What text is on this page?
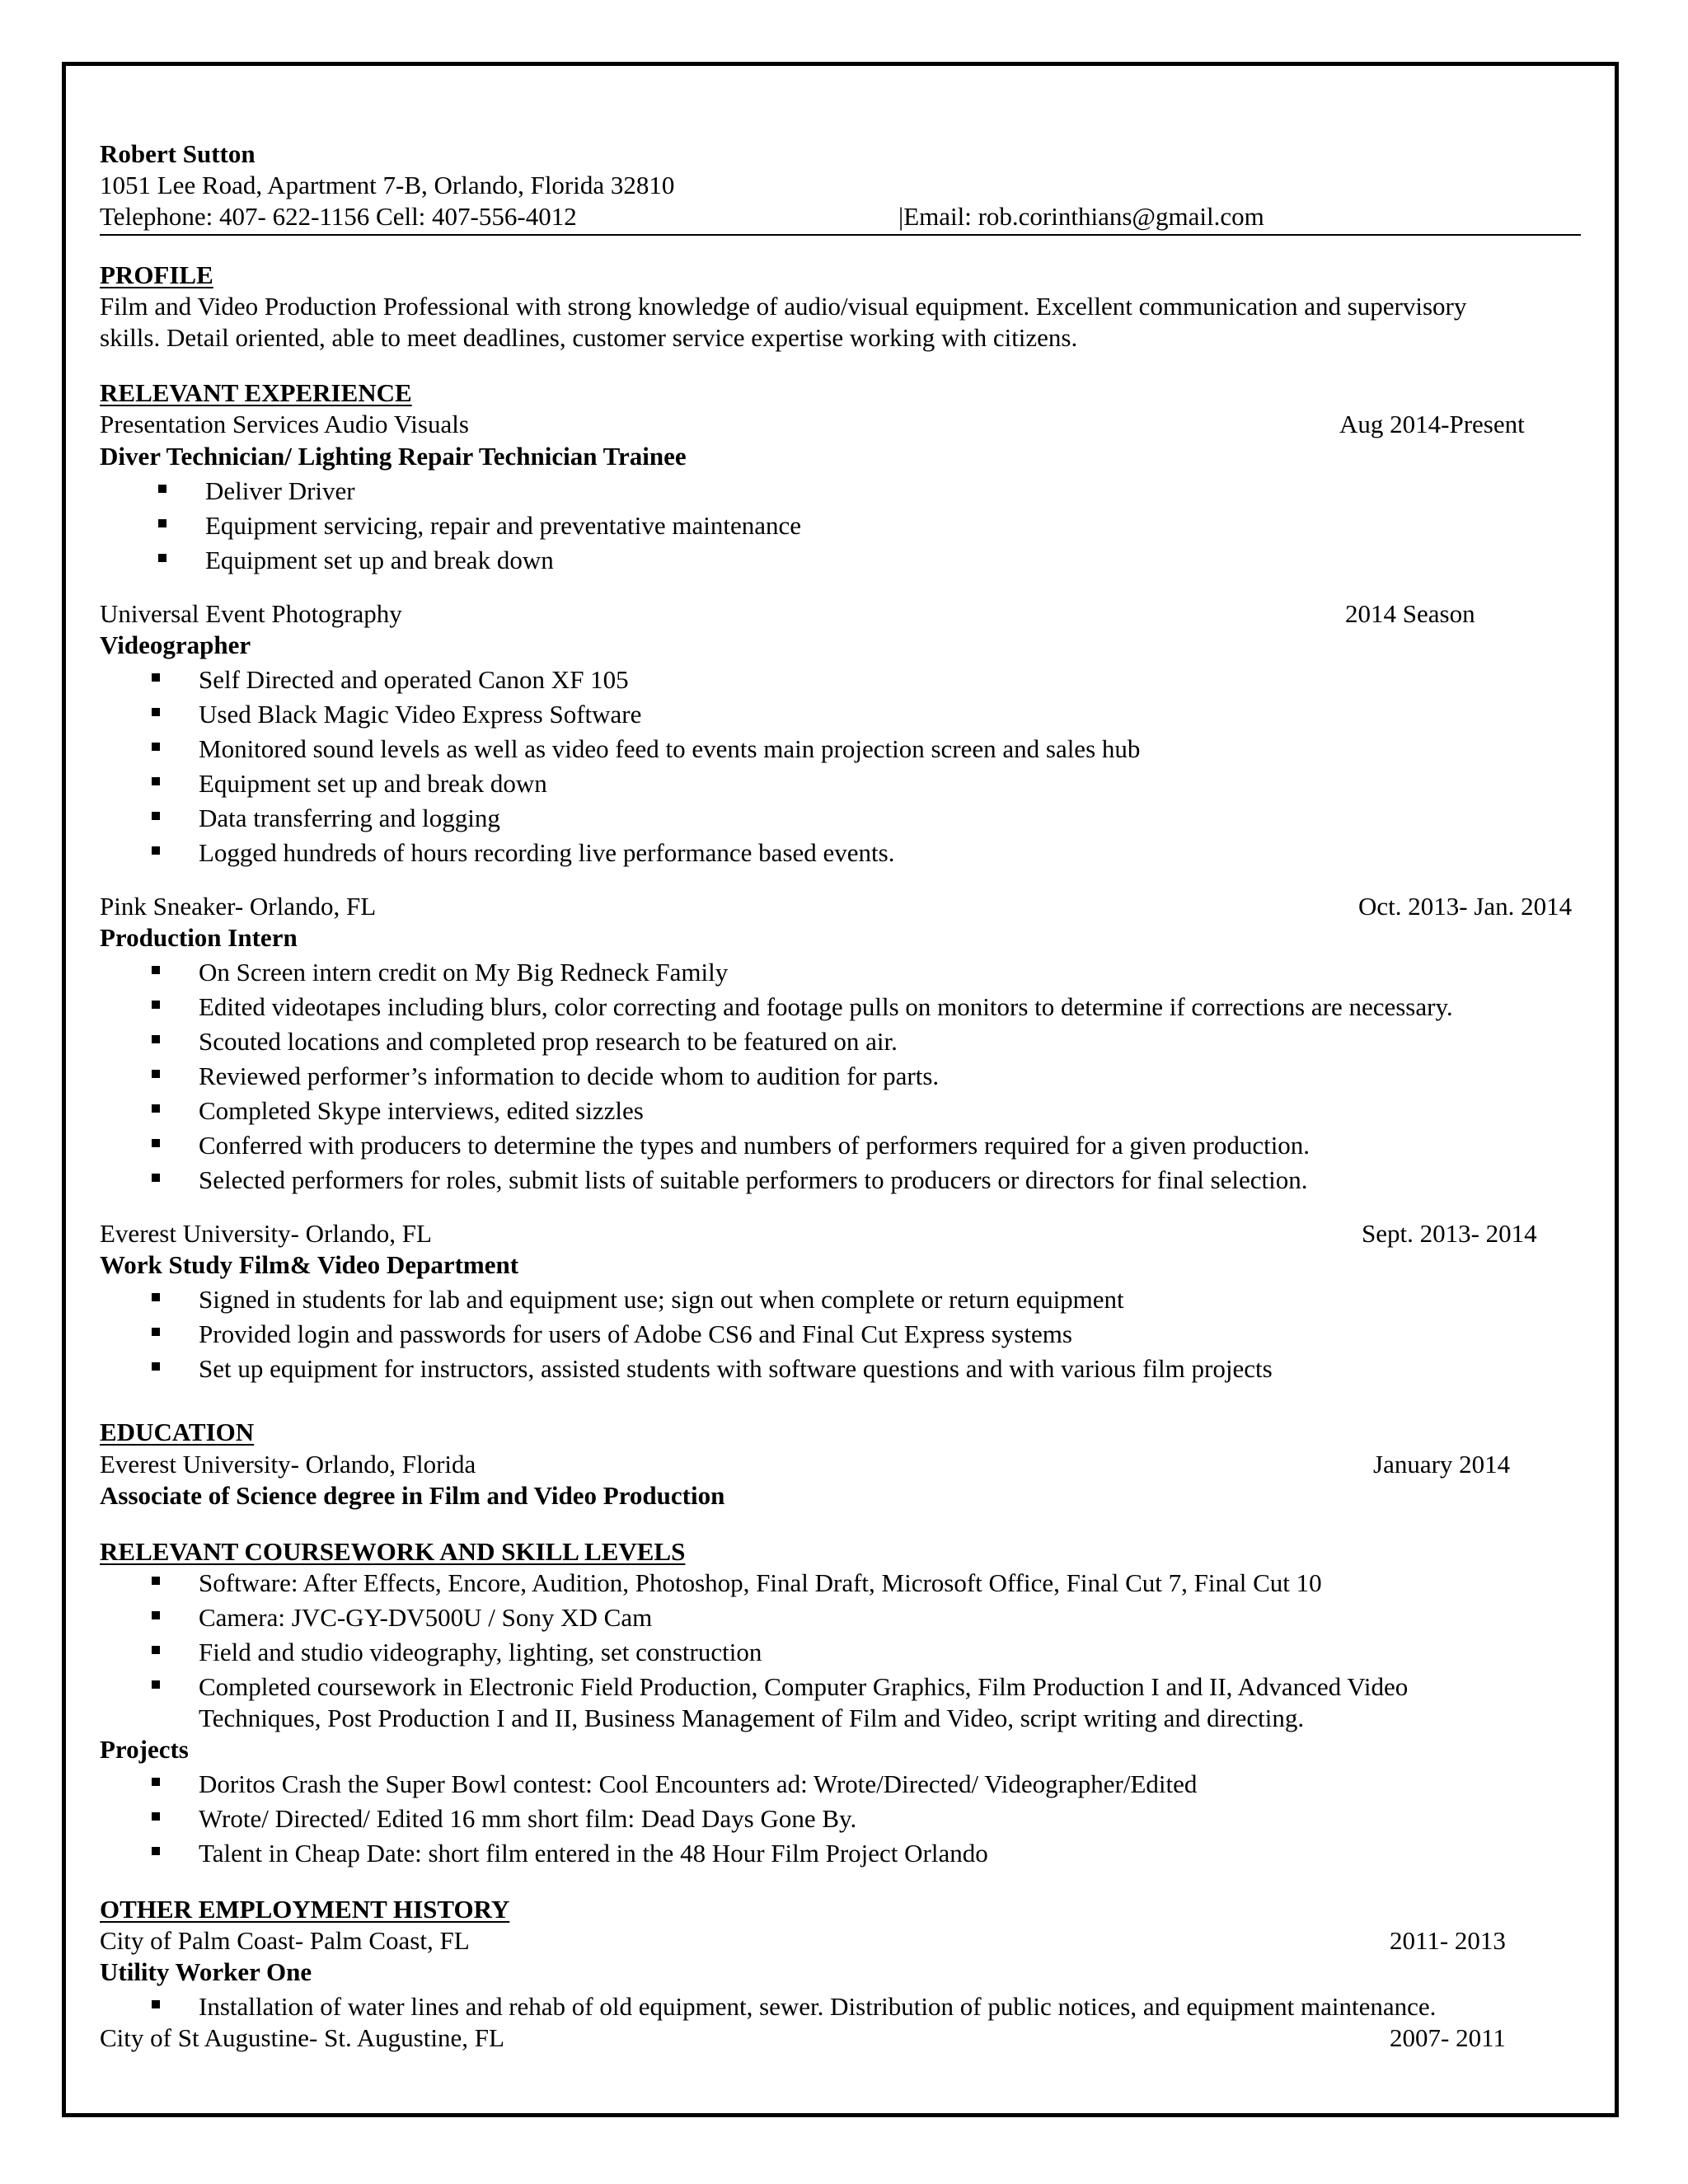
Robert Sutton
1051 Lee Road, Apartment 7-B, Orlando, Florida 32810
Telephone: 407- 622-1156 Cell: 407-556-4012	|Email: rob.corinthians@gmail.com
PROFILE
Film and Video Production Professional with strong knowledge of audio/visual equipment. Excellent communication and supervisory
skills. Detail oriented, able to meet deadlines, customer service expertise working with citizens.
RELEVANT EXPERIENCE
Presentation Services Audio Visuals	Aug 2014-Present
Diver Technician/ Lighting Repair Technician Trainee
Deliver Driver
Equipment servicing, repair and preventative maintenance
Equipment set up and break down
Universal Event Photography	2014 Season
Videographer
Self Directed and operated Canon XF 105
Used Black Magic Video Express Software
Monitored sound levels as well as video feed to events main projection screen and sales hub
Equipment set up and break down
Data transferring and logging
Logged hundreds of hours recording live performance based events.
Pink Sneaker- Orlando, FL	Oct. 2013- Jan. 2014
Production Intern
On Screen intern credit on My Big Redneck Family
Edited videotapes including blurs, color correcting and footage pulls on monitors to determine if corrections are necessary.
Scouted locations and completed prop research to be featured on air.
Reviewed performer’s information to decide whom to audition for parts.
Completed Skype interviews, edited sizzles
Conferred with producers to determine the types and numbers of performers required for a given production.
Selected performers for roles, submit lists of suitable performers to producers or directors for final selection.
Everest University- Orlando, FL	Sept. 2013- 2014
Work Study Film& Video Department
Signed in students for lab and equipment use; sign out when complete or return equipment
Provided login and passwords for users of Adobe CS6 and Final Cut Express systems
Set up equipment for instructors, assisted students with software questions and with various film projects
EDUCATION
Everest University- Orlando, Florida	January 2014
Associate of Science degree in Film and Video Production
RELEVANT COURSEWORK AND SKILL LEVELS
Software: After Effects, Encore, Audition, Photoshop, Final Draft, Microsoft Office, Final Cut 7, Final Cut 10
Camera: JVC-GY-DV500U / Sony XD Cam
Field and studio videography, lighting, set construction
Completed coursework in Electronic Field Production, Computer Graphics, Film Production I and II, Advanced Video
Techniques, Post Production I and II, Business Management of Film and Video, script writing and directing.
Projects
Doritos Crash the Super Bowl contest: Cool Encounters ad: Wrote/Directed/ Videographer/Edited
Wrote/ Directed/ Edited 16 mm short film: Dead Days Gone By.
Talent in Cheap Date: short film entered in the 48 Hour Film Project Orlando
OTHER EMPLOYMENT HISTORY
City of Palm Coast- Palm Coast, FL	2011- 2013
Utility Worker One
Installation of water lines and rehab of old equipment, sewer. Distribution of public notices, and equipment maintenance.
City of St Augustine- St. Augustine, FL	2007- 2011
